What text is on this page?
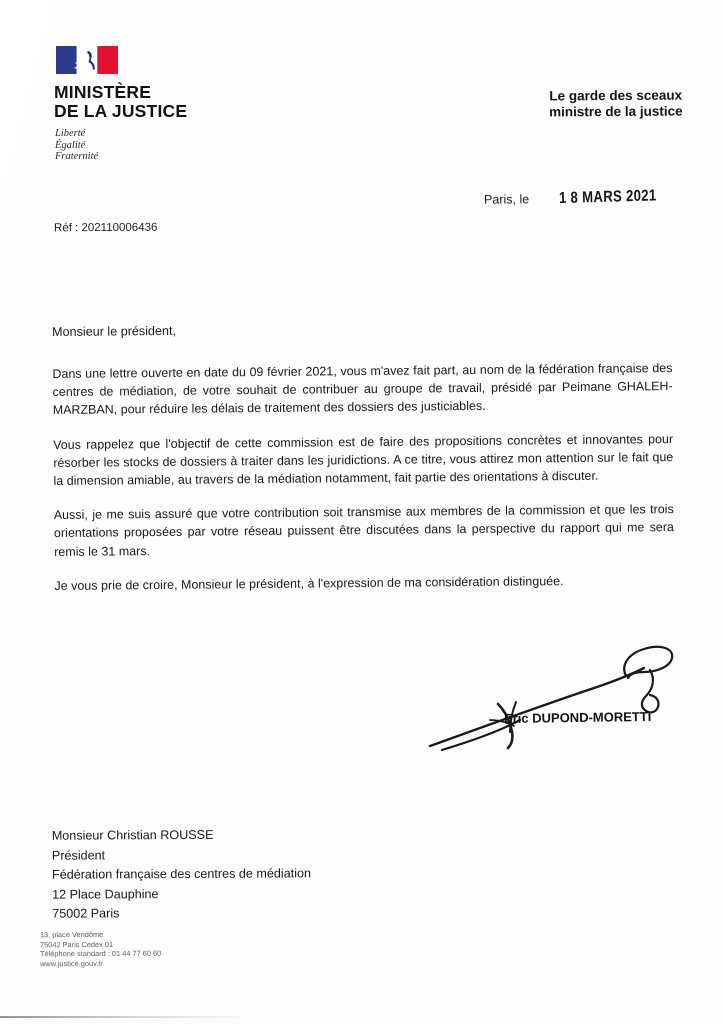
MINISTÈRE
DE LA JUSTICE
Liberté
Égalité
Fraternité
Le garde des sceaux
ministre de la justice
Paris, le 1 8 MARS 2021
Réf : 202110006436
Monsieur le président,

Dans une lettre ouverte en date du 09 février 2021, vous m'avez fait part, au nom de la fédération française des centres de médiation, de votre souhait de contribuer au groupe de travail, présidé par Peimane GHALEH-MARZBAN, pour réduire les délais de traitement des dossiers des justiciables.

Vous rappelez que l'objectif de cette commission est de faire des propositions concrètes et innovantes pour résorber les stocks de dossiers à traiter dans les juridictions. A ce titre, vous attirez mon attention sur le fait que la dimension amiable, au travers de la médiation notamment, fait partie des orientations à discuter.

Aussi, je me suis assuré que votre contribution soit transmise aux membres de la commission et que les trois orientations proposées par votre réseau puissent être discutées dans la perspective du rapport qui me sera remis le 31 mars.

Je vous prie de croire, Monsieur le président, à l'expression de ma considération distinguée.

Eric DUPOND-MORETTI
Monsieur Christian ROUSSE
Président
Fédération française des centres de médiation
12 Place Dauphine
75002 Paris
13, place Vendôme
75042 Paris Cedex 01
Téléphone standard : 01 44 77 60 60
www.justice.gouv.fr
